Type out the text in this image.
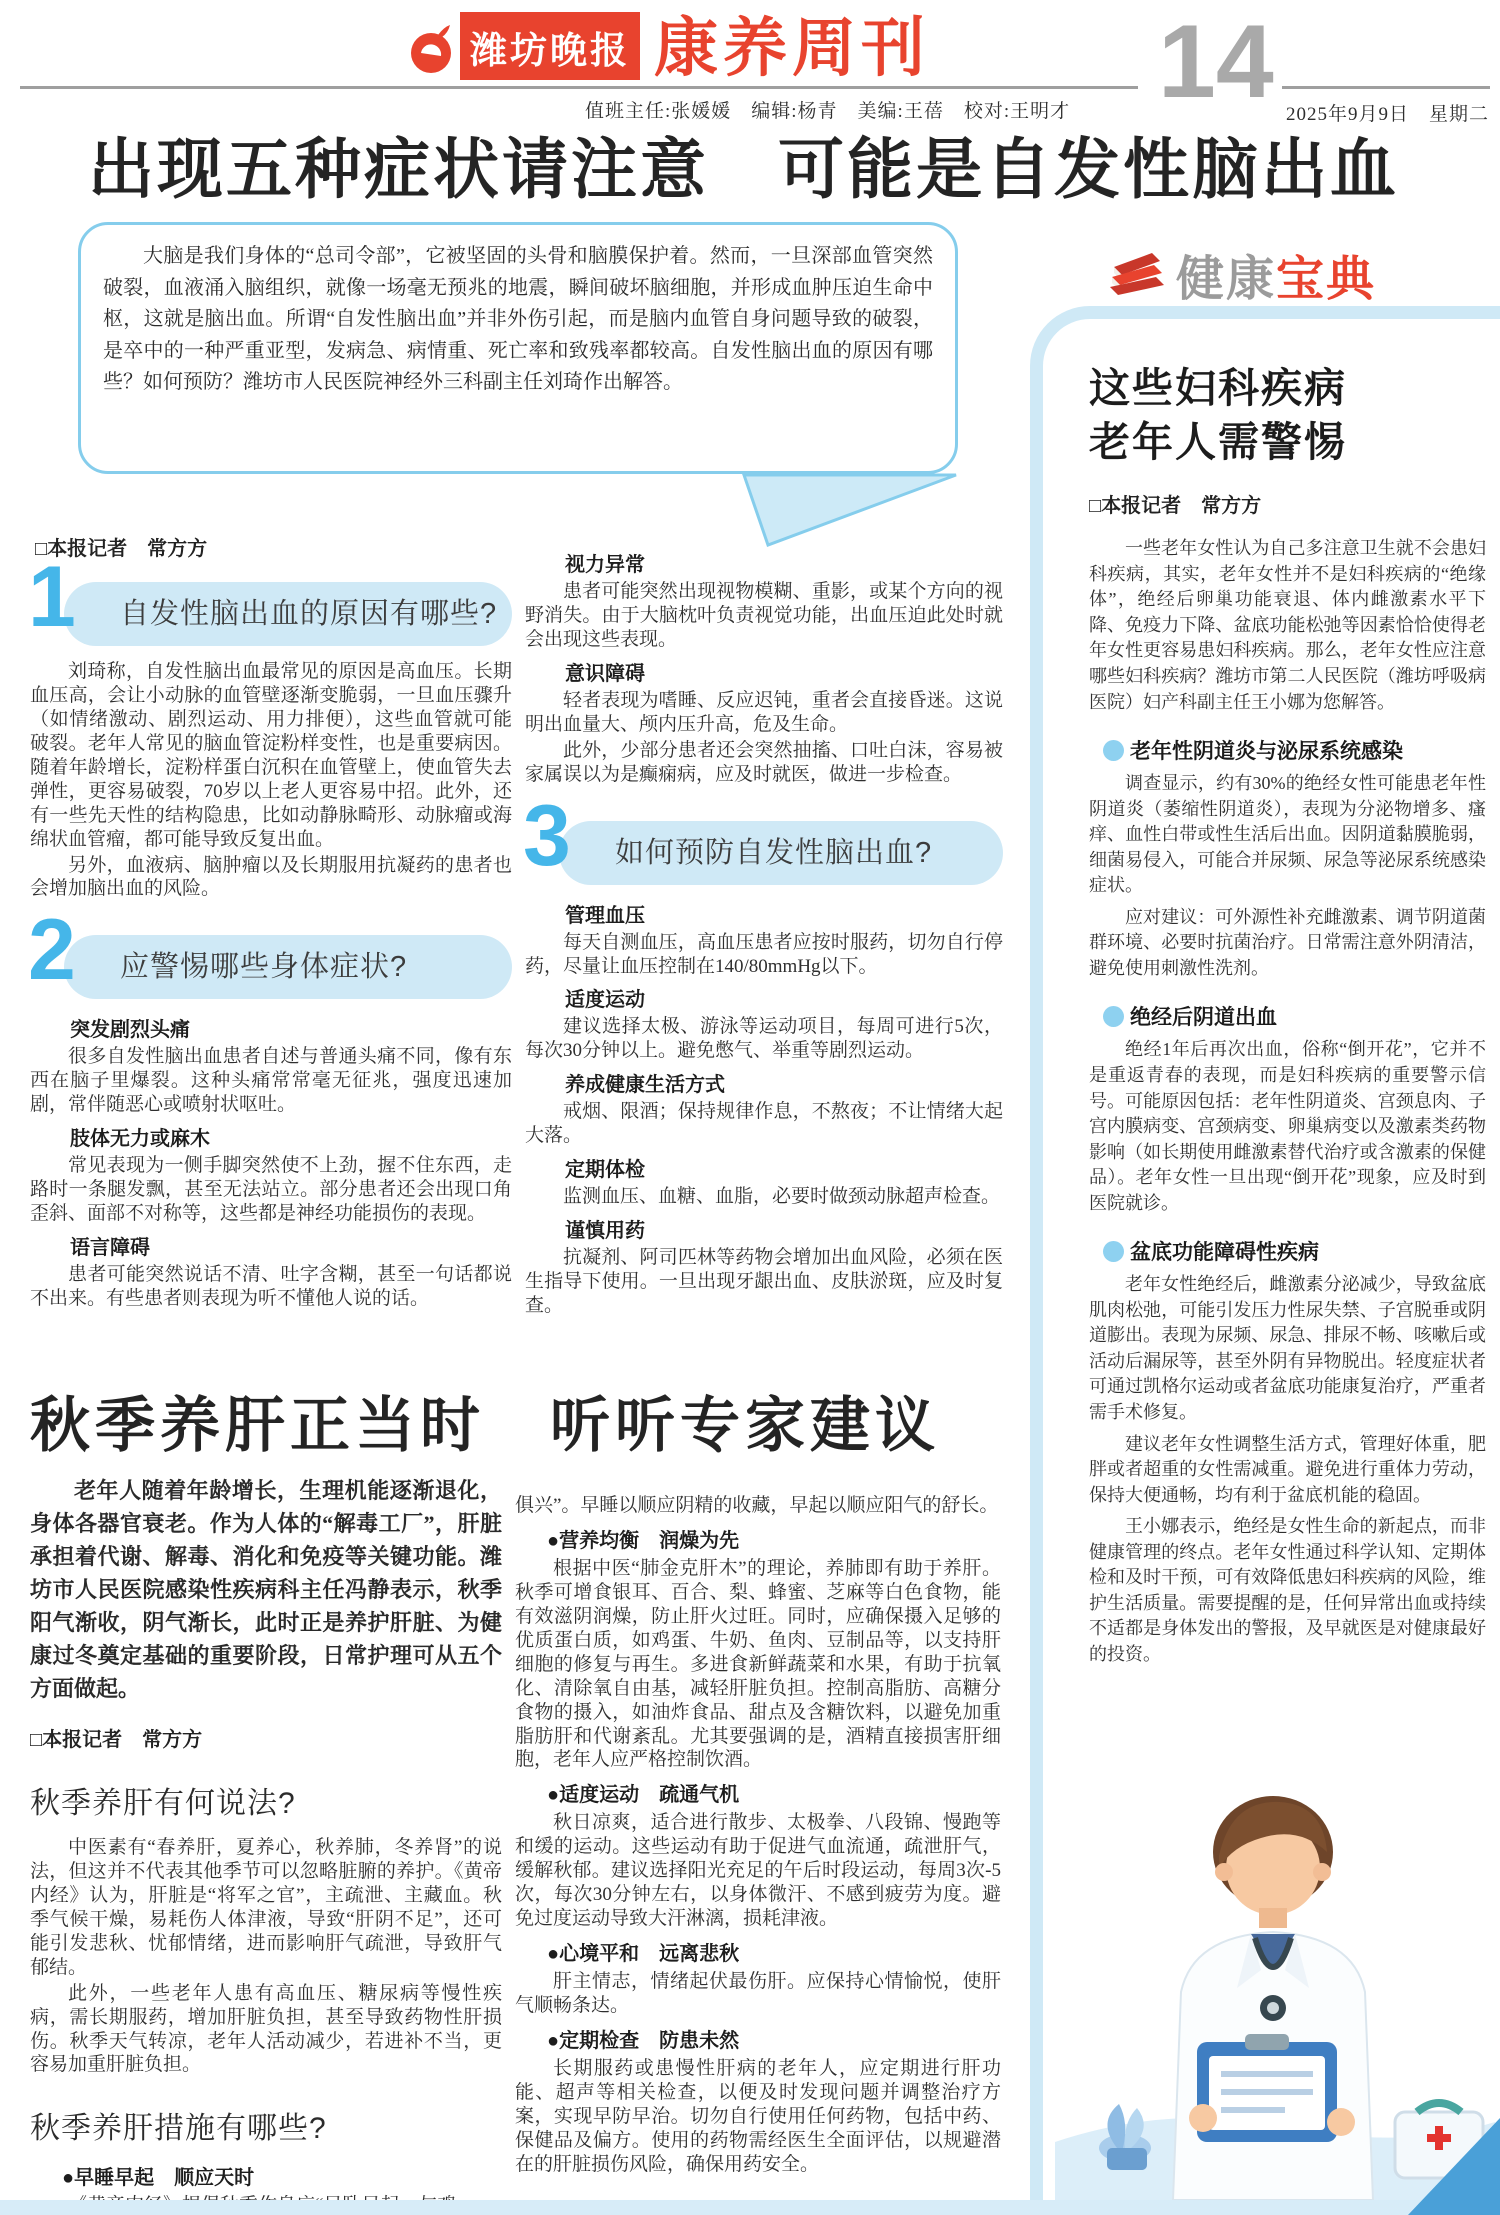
潍坊晚报 康养周刊 14
值班主任:张媛媛　编辑:杨青　美编:王蓓　校对:王明才	2025年9月9日　星期二
出现五种症状请注意　可能是自发性脑出血

大脑是我们身体的“总司令部”，它被坚固的头骨和脑膜保护着。然而，一旦深部血管突然破裂，血液涌入脑组织，就像一场毫无预兆的地震，瞬间破坏脑细胞，并形成血肿压迫生命中枢，这就是脑出血。所谓“自发性脑出血”并非外伤引起，而是脑内血管自身问题导致的破裂，是卒中的一种严重亚型，发病急、病情重、死亡率和致残率都较高。自发性脑出血的原因有哪些？如何预防？潍坊市人民医院神经外三科副主任刘琦作出解答。

健康 宝典
□本报记者　常方方
1	自发性脑出血的原因有哪些?

刘琦称，自发性脑出血最常见的原因是高血压。长期血压高，会让小动脉的血管壁逐渐变脆弱，一旦血压骤升（如情绪激动、剧烈运动、用力排便），这些血管就可能破裂。老年人常见的脑血管淀粉样变性，也是重要病因。随着年龄增长，淀粉样蛋白沉积在血管壁上，使血管失去弹性，更容易破裂，70岁以上老人更容易中招。此外，还有一些先天性的结构隐患，比如动静脉畸形、动脉瘤或海绵状血管瘤，都可能导致反复出血。

另外，血液病、脑肿瘤以及长期服用抗凝药的患者也会增加脑出血的风险。

2	应警惕哪些身体症状?
突发剧烈头痛

很多自发性脑出血患者自述与普通头痛不同，像有东西在脑子里爆裂。这种头痛常常毫无征兆，强度迅速加剧，常伴随恶心或喷射状呕吐。

肢体无力或麻木

常见表现为一侧手脚突然使不上劲，握不住东西，走路时一条腿发飘，甚至无法站立。部分患者还会出现口角歪斜、面部不对称等，这些都是神经功能损伤的表现。

语言障碍

患者可能突然说话不清、吐字含糊，甚至一句话都说不出来。有些患者则表现为听不懂他人说的话。

视力异常

患者可能突然出现视物模糊、重影，或某个方向的视野消失。由于大脑枕叶负责视觉功能，出血压迫此处时就会出现这些表现。

意识障碍

轻者表现为嗜睡、反应迟钝，重者会直接昏迷。这说明出血量大、颅内压升高，危及生命。

此外，少部分患者还会突然抽搐、口吐白沫，容易被家属误以为是癫痫病，应及时就医，做进一步检查。

3	如何预防自发性脑出血?
管理血压

每天自测血压，高血压患者应按时服药，切勿自行停药，尽量让血压控制在140/80mmHg以下。

适度运动

建议选择太极、游泳等运动项目，每周可进行5次，每次30分钟以上。避免憋气、举重等剧烈运动。

养成健康生活方式

戒烟、限酒；保持规律作息，不熬夜；不让情绪大起大落。

定期体检

监测血压、血糖、血脂，必要时做颈动脉超声检查。

谨慎用药

抗凝剂、阿司匹林等药物会增加出血风险，必须在医生指导下使用。一旦出现牙龈出血、皮肤淤斑，应及时复查。

这些妇科疾病
老年人需警惕
□本报记者　常方方

一些老年女性认为自己多注意卫生就不会患妇科疾病，其实，老年女性并不是妇科疾病的“绝缘体”，绝经后卵巢功能衰退、体内雌激素水平下降、免疫力下降、盆底功能松弛等因素恰恰使得老年女性更容易患妇科疾病。那么，老年女性应注意哪些妇科疾病？潍坊市第二人民医院（潍坊呼吸病医院）妇产科副主任王小娜为您解答。

老年性阴道炎与泌尿系统感染

调查显示，约有30%的绝经女性可能患老年性阴道炎（萎缩性阴道炎），表现为分泌物增多、瘙痒、血性白带或性生活后出血。因阴道黏膜脆弱，细菌易侵入，可能合并尿频、尿急等泌尿系统感染症状。

应对建议：可外源性补充雌激素、调节阴道菌群环境、必要时抗菌治疗。日常需注意外阴清洁，避免使用刺激性洗剂。

绝经后阴道出血

绝经1年后再次出血，俗称“倒开花”，它并不是重返青春的表现，而是妇科疾病的重要警示信号。可能原因包括：老年性阴道炎、宫颈息肉、子宫内膜病变、宫颈病变、卵巢病变以及激素类药物影响（如长期使用雌激素替代治疗或含激素的保健品）。老年女性一旦出现“倒开花”现象，应及时到医院就诊。

盆底功能障碍性疾病

老年女性绝经后，雌激素分泌减少，导致盆底肌肉松弛，可能引发压力性尿失禁、子宫脱垂或阴道膨出。表现为尿频、尿急、排尿不畅、咳嗽后或活动后漏尿等，甚至外阴有异物脱出。轻度症状者可通过凯格尔运动或者盆底功能康复治疗，严重者需手术修复。

建议老年女性调整生活方式，管理好体重，肥胖或者超重的女性需减重。避免进行重体力劳动，保持大便通畅，均有利于盆底机能的稳固。

王小娜表示，绝经是女性生命的新起点，而非健康管理的终点。老年女性通过科学认知、定期体检和及时干预，可有效降低患妇科疾病的风险，维护生活质量。需要提醒的是，任何异常出血或持续不适都是身体发出的警报，及早就医是对健康最好的投资。

秋季养肝正当时　听听专家建议

老年人随着年龄增长，生理机能逐渐退化，身体各器官衰老。作为人体的“解毒工厂”，肝脏承担着代谢、解毒、消化和免疫等关键功能。潍坊市人民医院感染性疾病科主任冯静表示，秋季阳气渐收，阴气渐长，此时正是养护肝脏、为健康过冬奠定基础的重要阶段，日常护理可从五个方面做起。

□本报记者　常方方
秋季养肝有何说法?

中医素有“春养肝，夏养心，秋养肺，冬养肾”的说法，但这并不代表其他季节可以忽略脏腑的养护。《黄帝内经》认为，肝脏是“将军之官”，主疏泄、主藏血。秋季气候干燥，易耗伤人体津液，导致“肝阴不足”，还可能引发悲秋、忧郁情绪，进而影响肝气疏泄，导致肝气郁结。

此外，一些老年人患有高血压、糖尿病等慢性疾病，需长期服药，增加肝脏负担，甚至导致药物性肝损伤。秋季天气转凉，老年人活动减少，若进补不当，更容易加重肝脏负担。

秋季养肝措施有哪些?
●早睡早起　顺应天时

俱兴”。早睡以顺应阴精的收藏，早起以顺应阳气的舒长。

●营养均衡　润燥为先

根据中医“肺金克肝木”的理论，养肺即有助于养肝。秋季可增食银耳、百合、梨、蜂蜜、芝麻等白色食物，能有效滋阴润燥，防止肝火过旺。同时，应确保摄入足够的优质蛋白质，如鸡蛋、牛奶、鱼肉、豆制品等，以支持肝细胞的修复与再生。多进食新鲜蔬菜和水果，有助于抗氧化、清除氧自由基，减轻肝脏负担。控制高脂肪、高糖分食物的摄入，如油炸食品、甜点及含糖饮料，以避免加重脂肪肝和代谢紊乱。尤其要强调的是，酒精直接损害肝细胞，老年人应严格控制饮酒。

●适度运动　疏通气机

秋日凉爽，适合进行散步、太极拳、八段锦、慢跑等和缓的运动。这些运动有助于促进气血流通，疏泄肝气，缓解秋郁。建议选择阳光充足的午后时段运动，每周3次-5次，每次30分钟左右，以身体微汗、不感到疲劳为度。避免过度运动导致大汗淋漓，损耗津液。

●心境平和　远离悲秋

肝主情志，情绪起伏最伤肝。应保持心情愉悦，使肝气顺畅条达。

●定期检查　防患未然

长期服药或患慢性肝病的老年人，应定期进行肝功能、超声等相关检查，以便及时发现问题并调整治疗方案，实现早防早治。切勿自行使用任何药物，包括中药、保健品及偏方。使用的药物需经医生全面评估，以规避潜在的肝脏损伤风险，确保用药安全。
